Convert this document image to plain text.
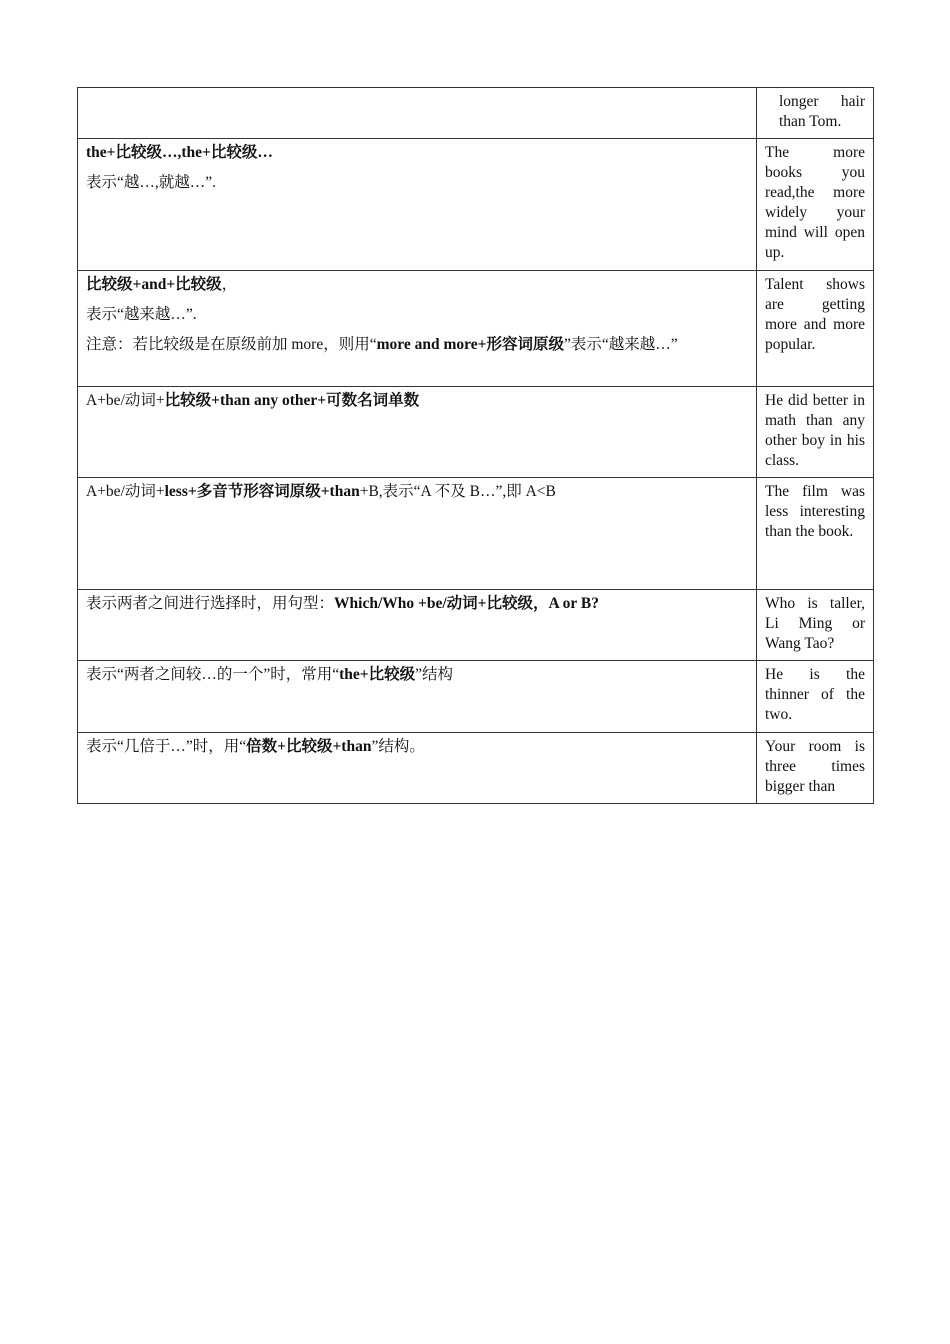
	longer hair than Tom.

the+比较级…,the+比较级…

表示“越…,就越…”.	The more books you read,the more widely your mind will open up.

比较级+and+比较级，

表示“越来越…”.

注意：若比较级是在原级前加 more，则用“more and more+形容词原级”表示“越来越…”	Talent shows are getting more and more popular.

A+be/动词+比较级+than any other+可数名词单数	He did better in math than any other boy in his class.

A+be/动词+less+多音节形容词原级+than+B,表示“A 不及 B…”,即 A<B	The film was less interesting than the book.

表示两者之间进行选择时，用句型：Which/Who +be/动词+比较级，A or B?	Who is taller, Li Ming or Wang Tao?

表示“两者之间较…的一个”时，常用“the+比较级”结构	He is the thinner of the two.

表示“几倍于…”时，用“倍数+比较级+than”结构。	Your room is three times bigger than
